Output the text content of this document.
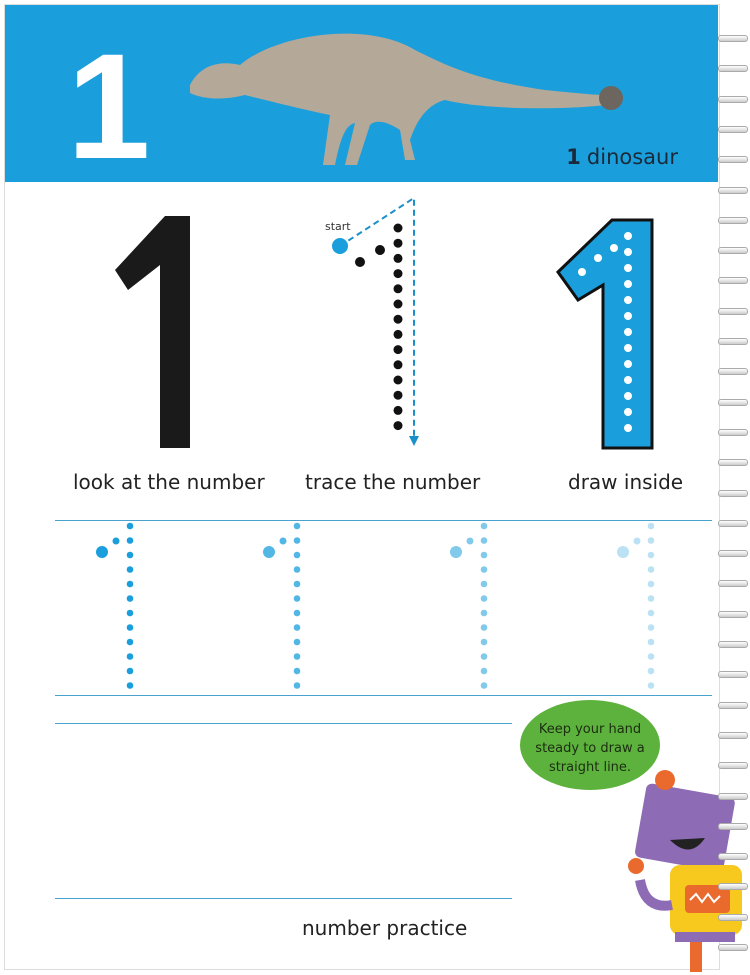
1	1 dinosaur
start
look at the number trace the number	draw inside
number practice
Keep your hand steady to draw a straight line.
